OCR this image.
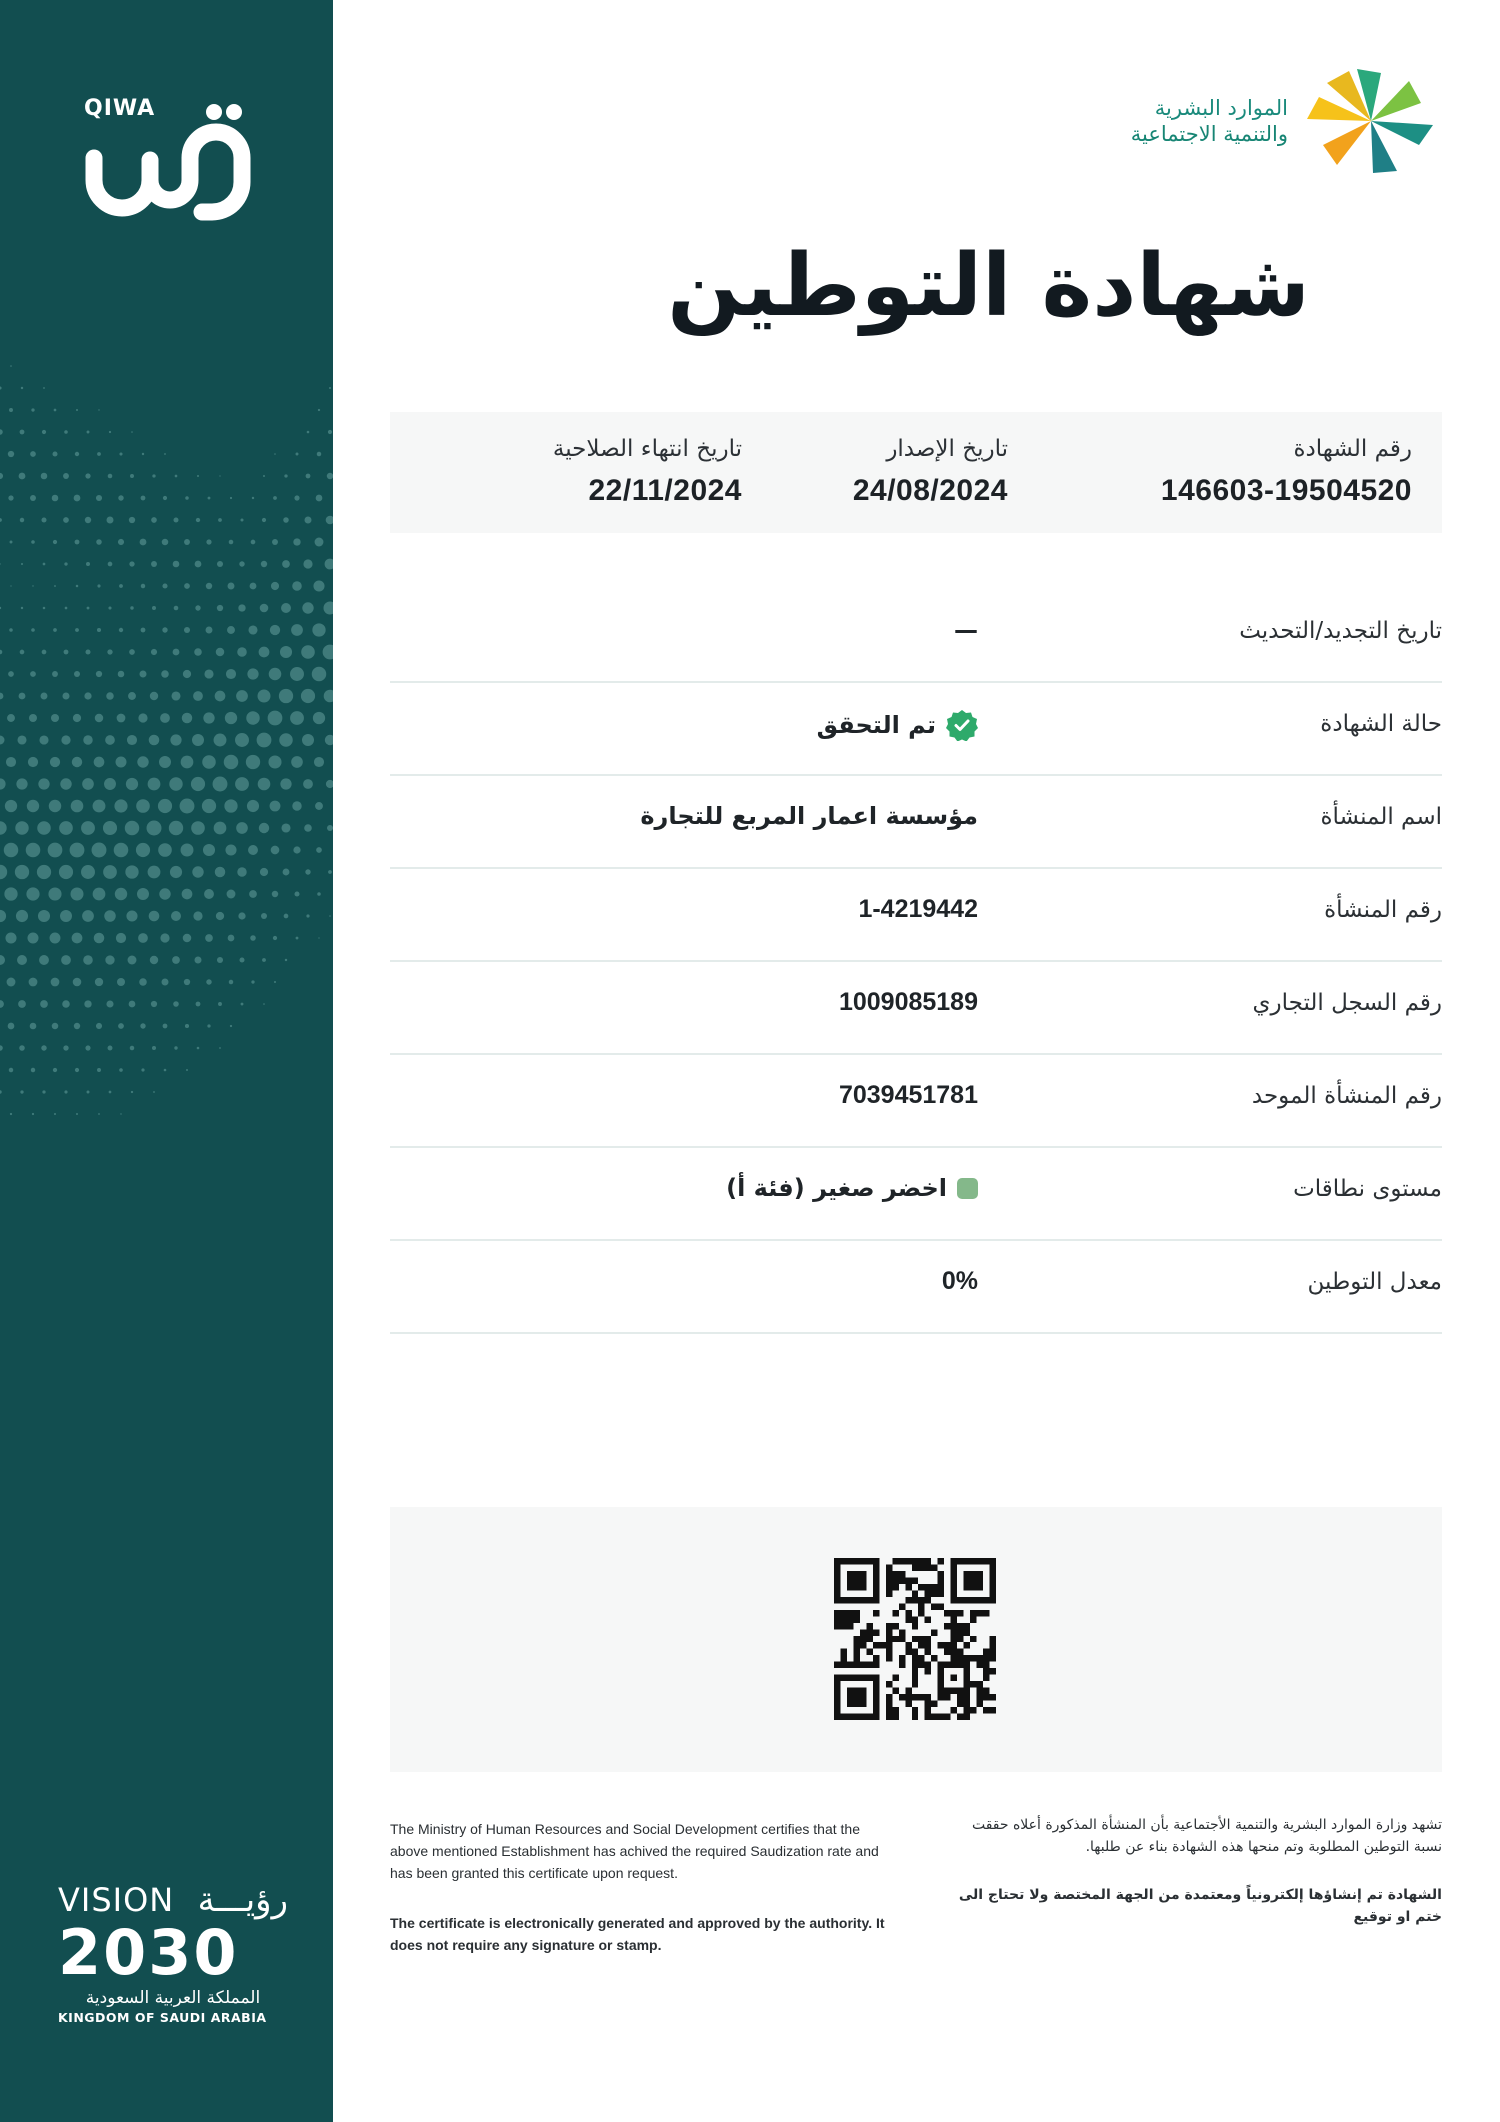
QIWA
VISION رؤيـــة
2030
المملكة العربية السعودية
KINGDOM OF SAUDI ARABIA
الموارد البشرية
والتنمية الاجتماعية
شهادة التوطين
رقم الشهادة
146603-19504520
تاريخ الإصدار
24/08/2024
تاريخ انتهاء الصلاحية
22/11/2024
تاريخ التجديد/التحديث
—
حالة الشهادة
تم التحقق
اسم المنشأة
مؤسسة اعمار المربع للتجارة
رقم المنشأة
1-4219442
رقم السجل التجاري
1009085189
رقم المنشأة الموحد
7039451781
مستوى نطاقات
اخضر صغير (فئة أ)
معدل التوطين
0%
The Ministry of Human Resources and Social Development certifies that the above mentioned Establishment has achived the required Saudization rate and has been granted this certificate upon request.
The certificate is electronically generated and approved by the authority. It does not require any signature or stamp.
تشهد وزارة الموارد البشرية والتنمية الأجتماعية بأن المنشأة المذكورة أعلاه حققت نسبة التوطين المطلوبة وتم منحها هذه الشهادة بناء عن طلبها.
الشهادة تم إنشاؤها إلكترونياً ومعتمدة من الجهة المختصة ولا تحتاج الى ختم او توقيع
